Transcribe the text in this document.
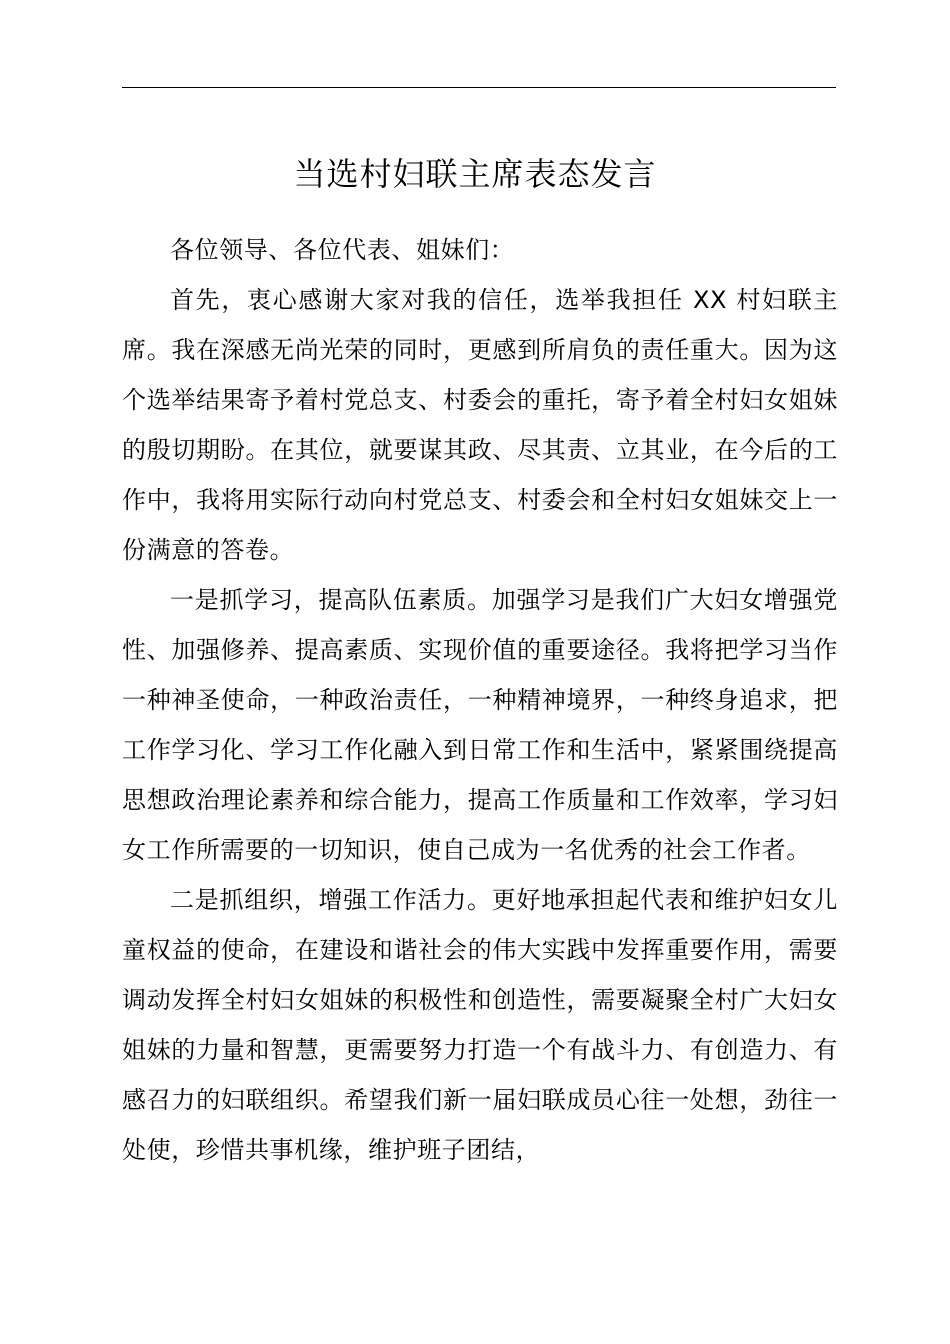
当选村妇联主席表态发言

各位领导、各位代表、姐妹们：

首先，衷心感谢大家对我的信任，选举我担任 XX 村妇联主席。我在深感无尚光荣的同时，更感到所肩负的责任重大。因为这个选举结果寄予着村党总支、村委会的重托，寄予着全村妇女姐妹的殷切期盼。在其位，就要谋其政、尽其责、立其业，在今后的工作中，我将用实际行动向村党总支、村委会和全村妇女姐妹交上一份满意的答卷。

一是抓学习，提高队伍素质。加强学习是我们广大妇女增强党性、加强修养、提高素质、实现价值的重要途径。我将把学习当作一种神圣使命，一种政治责任，一种精神境界，一种终身追求，把工作学习化、学习工作化融入到日常工作和生活中，紧紧围绕提高思想政治理论素养和综合能力，提高工作质量和工作效率，学习妇女工作所需要的一切知识，使自己成为一名优秀的社会工作者。

二是抓组织，增强工作活力。更好地承担起代表和维护妇女儿童权益的使命，在建设和谐社会的伟大实践中发挥重要作用，需要调动发挥全村妇女姐妹的积极性和创造性，需要凝聚全村广大妇女姐妹的力量和智慧，更需要努力打造一个有战斗力、有创造力、有感召力的妇联组织。希望我们新一届妇联成员心往一处想，劲往一处使，珍惜共事机缘，维护班子团结，
